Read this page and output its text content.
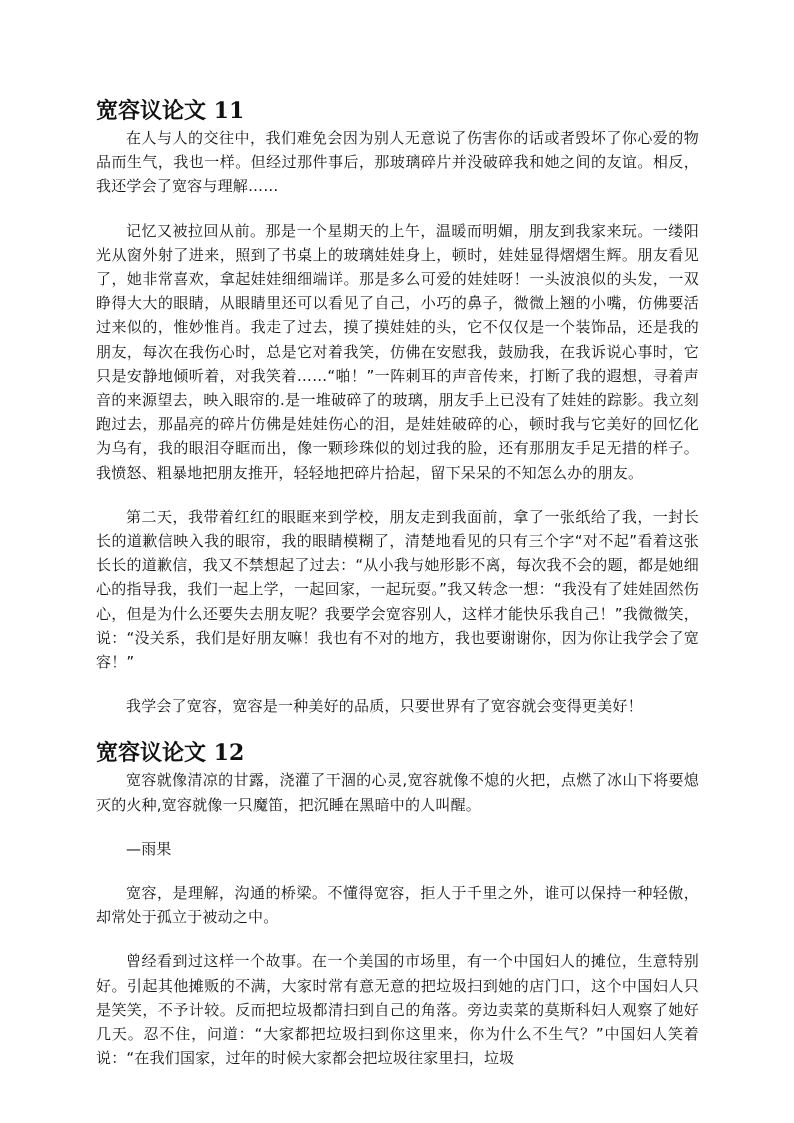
宽容议论文 11

在人与人的交往中，我们难免会因为别人无意说了伤害你的话或者毁坏了你心爱的物品而生气，我也一样。但经过那件事后，那玻璃碎片并没破碎我和她之间的友谊。相反，我还学会了宽容与理解……

记忆又被拉回从前。那是一个星期天的上午，温暖而明媚，朋友到我家来玩。一缕阳光从窗外射了进来，照到了书桌上的玻璃娃娃身上，顿时，娃娃显得熠熠生辉。朋友看见了，她非常喜欢，拿起娃娃细细端详。那是多么可爱的娃娃呀！一头波浪似的头发，一双睁得大大的眼睛，从眼睛里还可以看见了自己，小巧的鼻子，微微上翘的小嘴，仿佛要活过来似的，惟妙惟肖。我走了过去，摸了摸娃娃的头，它不仅仅是一个装饰品，还是我的朋友，每次在我伤心时，总是它对着我笑，仿佛在安慰我，鼓励我，在我诉说心事时，它只是安静地倾听着，对我笑着……“啪！”一阵刺耳的声音传来，打断了我的遐想，寻着声音的来源望去，映入眼帘的.是一堆破碎了的玻璃，朋友手上已没有了娃娃的踪影。我立刻跑过去，那晶亮的碎片仿佛是娃娃伤心的泪，是娃娃破碎的心，顿时我与它美好的回忆化为乌有，我的眼泪夺眶而出，像一颗珍珠似的划过我的脸，还有那朋友手足无措的样子。我愤怒、粗暴地把朋友推开，轻轻地把碎片拾起，留下呆呆的不知怎么办的朋友。

第二天，我带着红红的眼眶来到学校，朋友走到我面前，拿了一张纸给了我，一封长长的道歉信映入我的眼帘，我的眼睛模糊了，清楚地看见的只有三个字“对不起”看着这张长长的道歉信，我又不禁想起了过去：“从小我与她形影不离，每次我不会的题，都是她细心的指导我，我们一起上学，一起回家，一起玩耍。”我又转念一想：“我没有了娃娃固然伤心，但是为什么还要失去朋友呢？我要学会宽容别人，这样才能快乐我自己！”我微微笑，说：“没关系，我们是好朋友嘛！我也有不对的地方，我也要谢谢你，因为你让我学会了宽容！”

我学会了宽容，宽容是一种美好的品质，只要世界有了宽容就会变得更美好！

宽容议论文 12

宽容就像清凉的甘露，浇灌了干涸的心灵,宽容就像不熄的火把，点燃了冰山下将要熄灭的火种,宽容就像一只魔笛，把沉睡在黑暗中的人叫醒。

—雨果

宽容，是理解，沟通的桥梁。不懂得宽容，拒人于千里之外，谁可以保持一种轻傲，却常处于孤立于被动之中。

曾经看到过这样一个故事。在一个美国的市场里，有一个中国妇人的摊位，生意特别好。引起其他摊贩的不满，大家时常有意无意的把垃圾扫到她的店门口，这个中国妇人只是笑笑，不予计较。反而把垃圾都清扫到自己的角落。旁边卖菜的莫斯科妇人观察了她好几天。忍不住，问道：“大家都把垃圾扫到你这里来，你为什么不生气？”中国妇人笑着说：“在我们国家，过年的时候大家都会把垃圾往家里扫，垃圾
